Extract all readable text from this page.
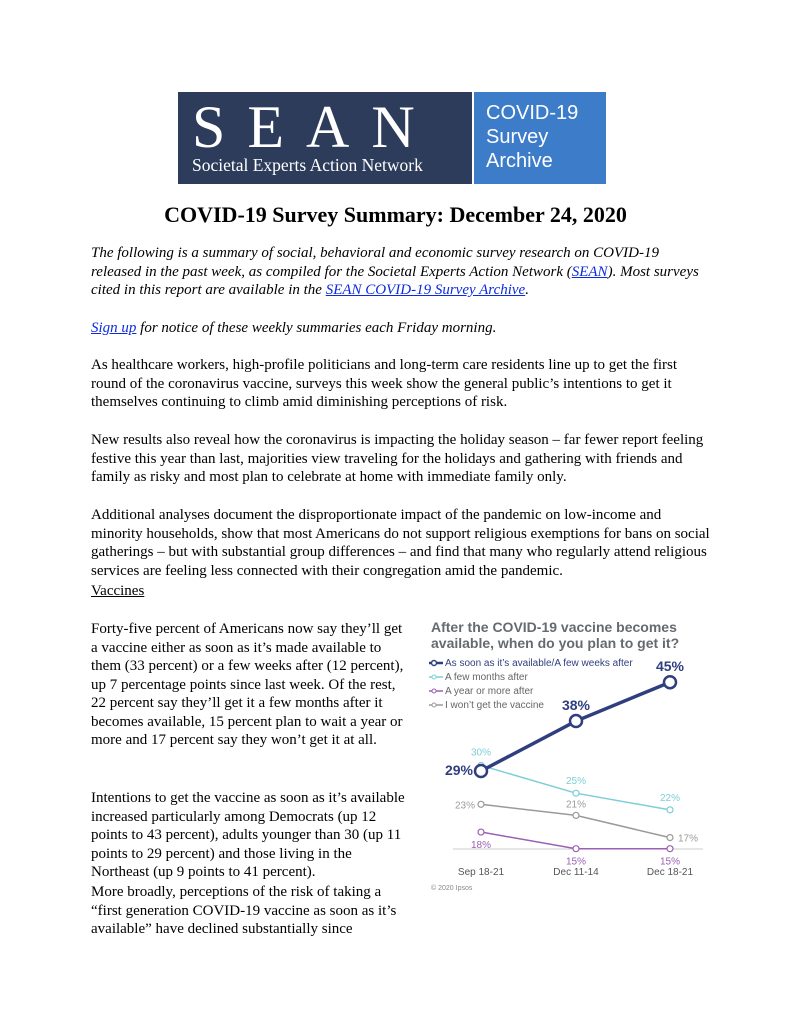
SEAN
Societal Experts Action Network
COVID-19
Survey
Archive
COVID-19 Survey Summary: December 24, 2020

The following is a summary of social, behavioral and economic survey research on COVID-19 released in the past week, as compiled for the Societal Experts Action Network (SEAN). Most surveys cited in this report are available in the SEAN COVID-19 Survey Archive.

Sign up for notice of these weekly summaries each Friday morning.

As healthcare workers, high-profile politicians and long-term care residents line up to get the first round of the coronavirus vaccine, surveys this week show the general public’s intentions to get it themselves continuing to climb amid diminishing perceptions of risk.

New results also reveal how the coronavirus is impacting the holiday season – far fewer report feeling festive this year than last, majorities view traveling for the holidays and gathering with friends and family as risky and most plan to celebrate at home with immediate family only.

Additional analyses document the disproportionate impact of the pandemic on low-income and minority households, show that most Americans do not support religious exemptions for bans on social gatherings – but with substantial group differences – and find that many who regularly attend religious services are feeling less connected with their congregation amid the pandemic.

Vaccines

Forty-five percent of Americans now say they’ll get a vaccine either as soon as it’s made available to them (33 percent) or a few weeks after (12 percent), up 7 percentage points since last week. Of the rest, 22 percent say they’ll get it a few months after it becomes available, 15 percent plan to wait a year or more and 17 percent say they won’t get it at all.

Intentions to get the vaccine as soon as it’s available increased particularly among Democrats (up 12 points to 43 percent), adults younger than 30 (up 11 points to 29 percent) and those living in the Northeast (up 9 points to 41 percent).

More broadly, perceptions of the risk of taking a “first generation COVID-19 vaccine as soon as it’s available” have declined substantially since

After the COVID-19 vaccine becomes available, when do you plan to get it?
As soon as it’s available/A few weeks after
A few months after
A year or more after
I won’t get the vaccine
23%	21%
17%
18%
15%	15%
30%
25%
22%
29%
38%
45%
Sep 18-21	Dec 11-14	Dec 18-21
© 2020 Ipsos
